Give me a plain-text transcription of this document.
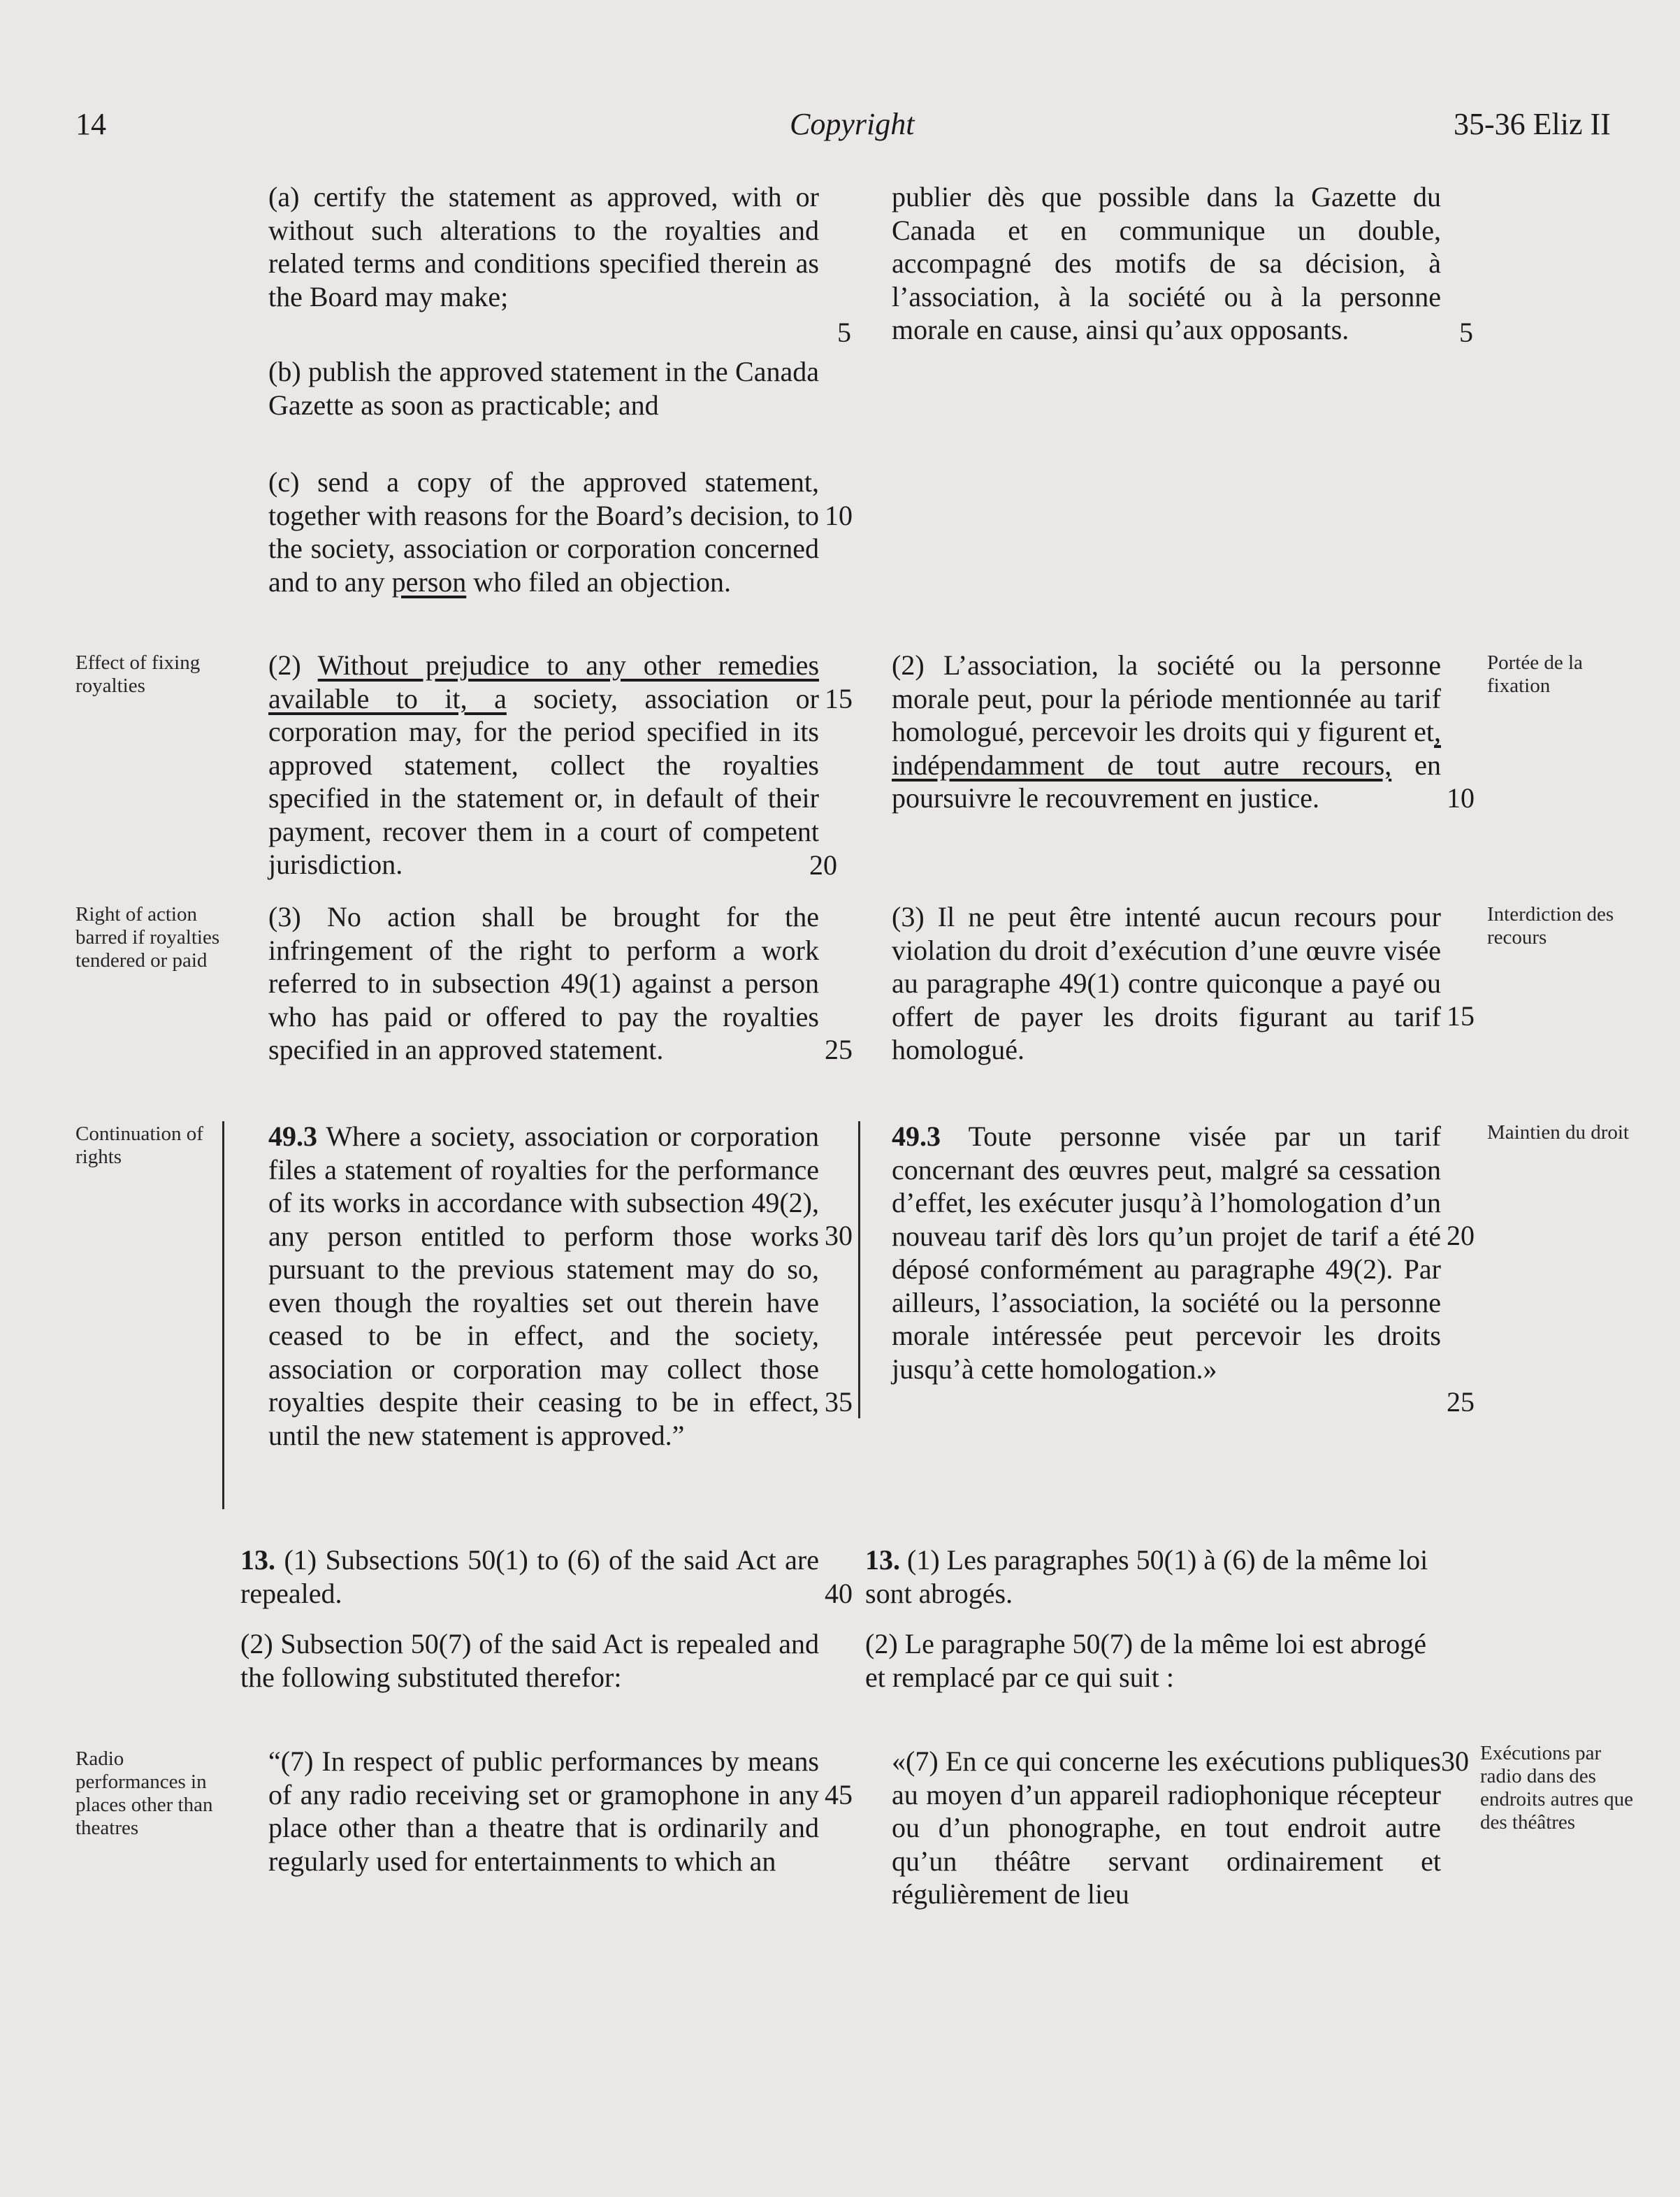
14	Copyright	35-36 Eliz II
Effect of fixing royalties
Right of action barred if royalties tendered or paid
Continuation of rights
Radio performances in places other than theatres
Portée de la fixation
Interdiction des recours
Maintien du droit
Exécutions par radio dans des endroits autres que des théâtres

(a) certify the statement as approved, with or without such alterations to the royalties and related terms and conditions specified therein as the Board may make;

(b) publish the approved statement in the Canada Gazette as soon as practicable; and

(c) send a copy of the approved statement, together with reasons for the Board’s decision, to the society, association or corporation concerned and to any person who filed an objection.

(2) Without prejudice to any other remedies available to it, a society, association or corporation may, for the period specified in its approved statement, collect the royalties specified in the statement or, in default of their payment, recover them in a court of competent jurisdiction.

(3) No action shall be brought for the infringement of the right to perform a work referred to in subsection 49(1) against a person who has paid or offered to pay the royalties specified in an approved statement.

49.3 Where a society, association or corporation files a statement of royalties for the performance of its works in accordance with subsection 49(2), any person entitled to perform those works pursuant to the previous statement may do so, even though the royalties set out therein have ceased to be in effect, and the society, association or corporation may collect those royalties despite their ceasing to be in effect, until the new statement is approved.”

13. (1) Subsections 50(1) to (6) of the said Act are repealed.

(2) Subsection 50(7) of the said Act is repealed and the following substituted therefor:

“(7) In respect of public performances by means of any radio receiving set or gramophone in any place other than a theatre that is ordinarily and regularly used for entertainments to which an

5
10
15
20
25
30
35
40
45

publier dès que possible dans la Gazette du Canada et en communique un double, accompagné des motifs de sa décision, à l’association, à la société ou à la personne morale en cause, ainsi qu’aux opposants.

(2) L’association, la société ou la personne morale peut, pour la période mentionnée au tarif homologué, percevoir les droits qui y figurent et, indépendamment de tout autre recours, en poursuivre le recouvrement en justice.

(3) Il ne peut être intenté aucun recours pour violation du droit d’exécution d’une œuvre visée au paragraphe 49(1) contre quiconque a payé ou offert de payer les droits figurant au tarif homologué.

49.3 Toute personne visée par un tarif concernant des œuvres peut, malgré sa cessation d’effet, les exécuter jusqu’à l’homologation d’un nouveau tarif dès lors qu’un projet de tarif a été déposé conformément au paragraphe 49(2). Par ailleurs, l’association, la société ou la personne morale intéressée peut percevoir les droits jusqu’à cette homologation.»

13. (1) Les paragraphes 50(1) à (6) de la même loi sont abrogés.

(2) Le paragraphe 50(7) de la même loi est abrogé et remplacé par ce qui suit :

«(7) En ce qui concerne les exécutions publiques au moyen d’un appareil radiophonique récepteur ou d’un phonographe, en tout endroit autre qu’un théâtre servant ordinairement et régulièrement de lieu

5
10
15
20
25
30
